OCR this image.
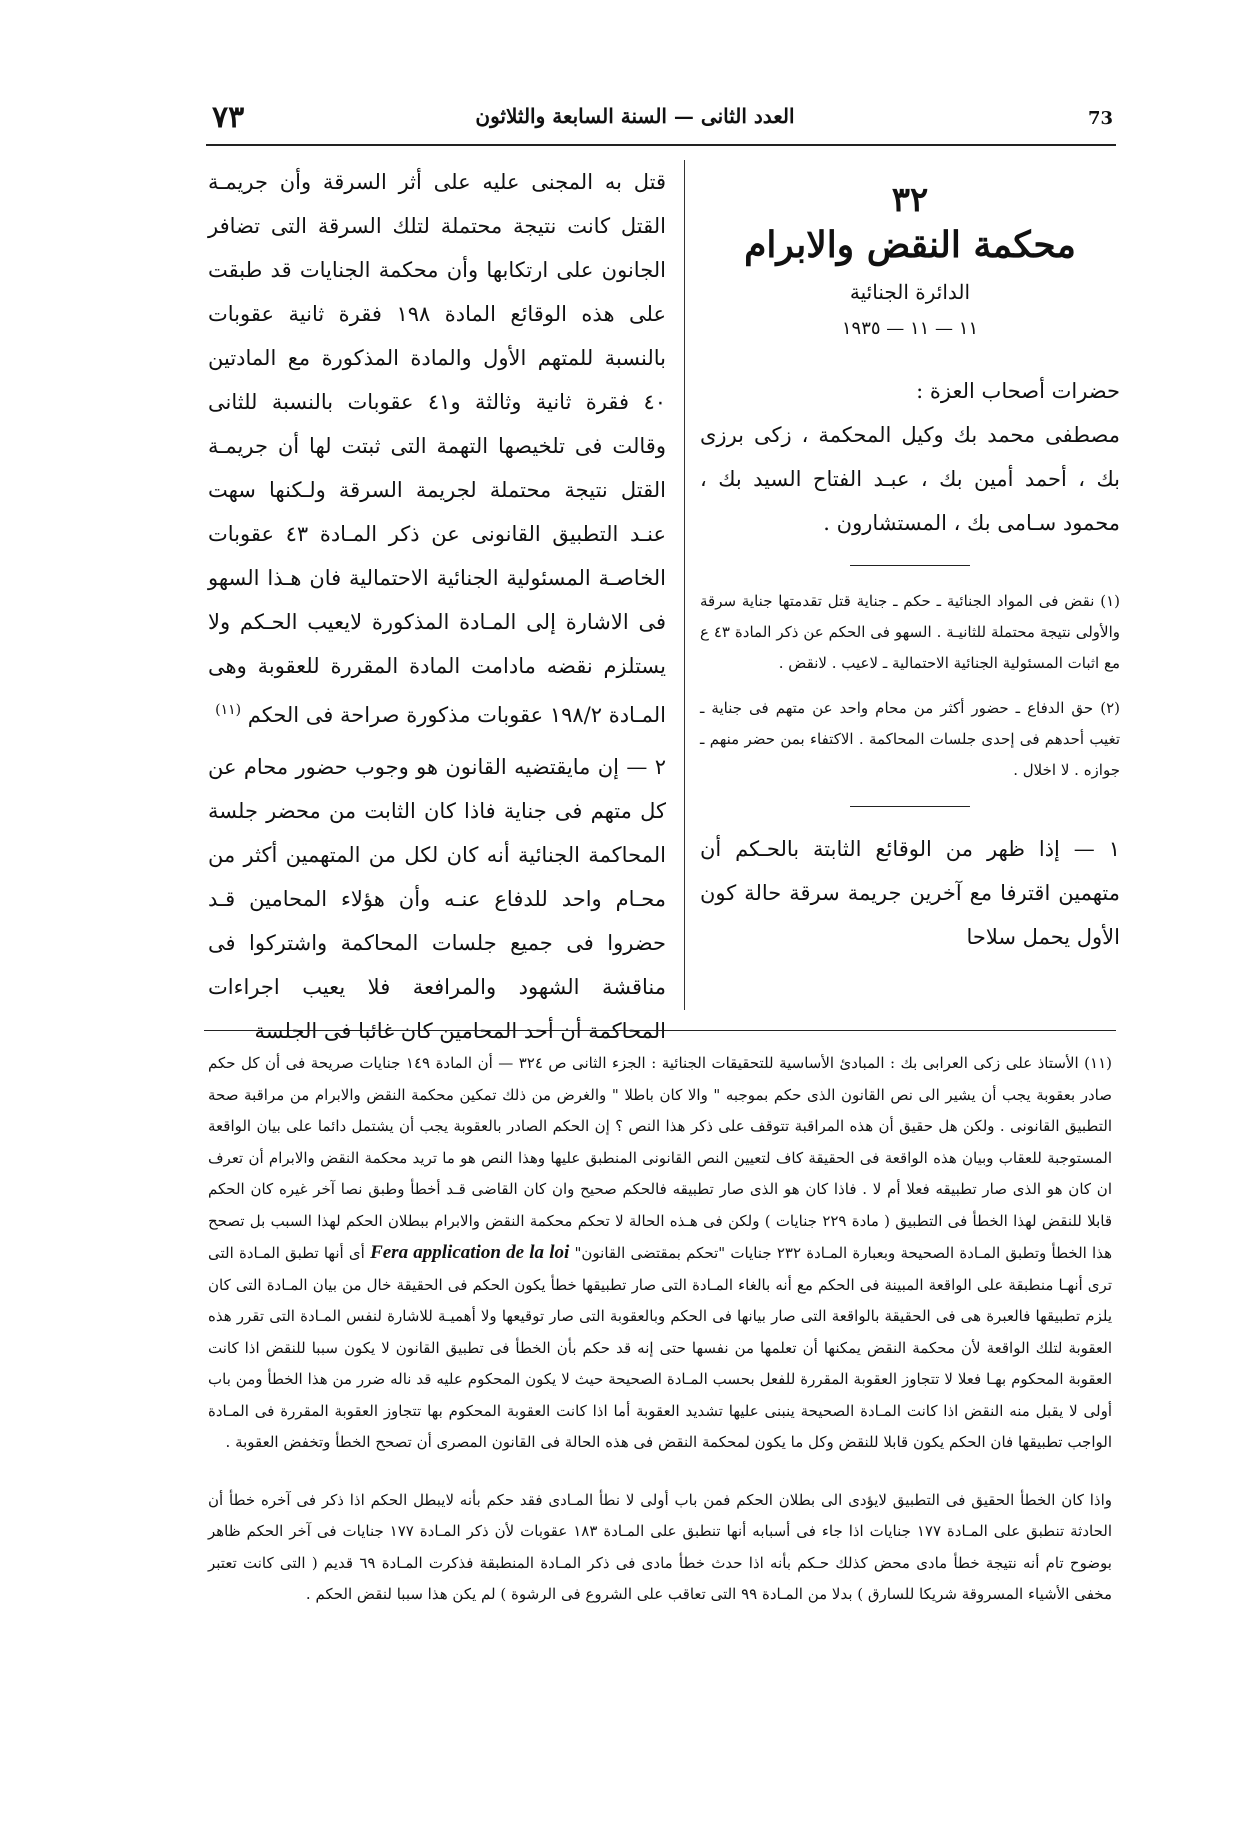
73
العدد الثانى — السنة السابعة والثلاثون
٧٣
٣٢
محكمة النقض والابرام
الدائرة الجنائية
١١ — ١١ — ١٩٣٥
حضرات أصحاب العزة :
مصطفى محمد بك وكيل المحكمة ، زكى برزى بك ، أحمد أمين بك ، عبـد الفتاح السيد بك ، محمود سـامى بك ، المستشارون .
(١) نقض فى المواد الجنائية ـ حكم ـ جناية قتل تقدمتها جناية سرقة والأولى نتيجة محتملة للثانيـة . السهو فى الحكم عن ذكر المادة ٤٣ ع مع اثبات المسئولية الجنائية الاحتمالية ـ لاعيب . لانقض .
(٢) حق الدفاع ـ حضور أكثر من محام واحد عن متهم فى جناية ـ تغيب أحدهم فى إحدى جلسات المحاكمة . الاكتفاء بمن حضر منهم ـ جوازه . لا اخلال .
١ — إذا ظهر من الوقائع الثابتة بالحـكم أن متهمين اقترفا مع آخرين جريمة سرقة حالة كون الأول يحمل سلاحا
قتل به المجنى عليه على أثر السرقة وأن جريمـة القتل كانت نتيجة محتملة لتلك السرقة التى تضافر الجانون على ارتكابها وأن محكمة الجنايات قد طبقت على هذه الوقائع المادة ١٩٨ فقرة ثانية عقوبات بالنسبة للمتهم الأول والمادة المذكورة مع المادتين ٤٠ فقرة ثانية وثالثة و٤١ عقوبات بالنسبة للثانى وقالت فى تلخيصها التهمة التى ثبتت لها أن جريمـة القتل نتيجة محتملة لجريمة السرقة ولـكنها سهت عنـد التطبيق القانونى عن ذكر المـادة ٤٣ عقوبات الخاصـة المسئولية الجنائية الاحتمالية فان هـذا السهو فى الاشارة إلى المـادة المذكورة لايعيب الحـكم ولا يستلزم نقضه مادامت المادة المقررة للعقوبة وهى المـادة ١٩٨/٢ عقوبات مذكورة صراحة فى الحكم $^{(١١)}$
٢ — إن مايقتضيه القانون هو وجوب حضور محام عن كل متهم فى جناية فاذا كان الثابت من محضر جلسة المحاكمة الجنائية أنه كان لكل من المتهمين أكثر من محـام واحد للدفاع عنـه وأن هؤلاء المحامين قـد حضروا فى جميع جلسات المحاكمة واشتركوا فى مناقشة الشهود والمرافعة فلا يعيب اجراءات المحاكمة أن أحد المحامين كان غائبا فى الجلسة

(١١) الأستاذ على زكى العرابى بك : المبادئ الأساسية للتحقيقات الجنائية : الجزء الثانى ص ٣٢٤ — أن المادة ١٤٩ جنايات صريحة فى أن كل حكم صادر بعقوبة يجب أن يشير الى نص القانون الذى حكم بموجبه " والا كان باطلا " والغرض من ذلك تمكين محكمة النقض والابرام من مراقبة صحة التطبيق القانونى . ولكن هل حقيق أن هذه المراقبة تتوقف على ذكر هذا النص ؟ إن الحكم الصادر بالعقوبة يجب أن يشتمل دائما على بيان الواقعة المستوجبة للعقاب وبيان هذه الواقعة فى الحقيقة كاف لتعيين النص القانونى المنطبق عليها وهذا النص هو ما تريد محكمة النقض والابرام أن تعرف ان كان هو الذى صار تطبيقه فعلا أم لا . فاذا كان هو الذى صار تطبيقه فالحكم صحيح وان كان القاضى قـد أخطأ وطبق نصا آخر غيره كان الحكم قابلا للنقض لهذا الخطأ فى التطبيق ( مادة ٢٢٩ جنايات ) ولكن فى هـذه الحالة لا تحكم محكمة النقض والابرام ببطلان الحكم لهذا السبب بل تصحح هذا الخطأ وتطبق المـادة الصحيحة وبعبارة المـادة ٢٣٢ جنايات "تحكم بمقتضى القانون" Fera application de la loi أى أنها تطبق المـادة التى ترى أنهـا منطبقة على الواقعة المبينة فى الحكم مع أنه بالغاء المـادة التى صار تطبيقها خطأ يكون الحكم فى الحقيقة خال من بيان المـادة التى كان يلزم تطبيقها فالعبرة هى فى الحقيقة بالواقعة التى صار بيانها فى الحكم وبالعقوبة التى صار توقيعها ولا أهميـة للاشارة لنفس المـادة التى تقرر هذه العقوبة لتلك الواقعة لأن محكمة النقض يمكنها أن تعلمها من نفسها حتى إنه قد حكم بأن الخطأ فى تطبيق القانون لا يكون سببا للنقض اذا كانت العقوبة المحكوم بهـا فعلا لا تتجاوز العقوبة المقررة للفعل بحسب المـادة الصحيحة حيث لا يكون المحكوم عليه قد ناله ضرر من هذا الخطأ ومن باب أولى لا يقبل منه النقض اذا كانت المـادة الصحيحة ينبنى عليها تشديد العقوبة أما اذا كانت العقوبة المحكوم بها تتجاوز العقوبة المقررة فى المـادة الواجب تطبيقها فان الحكم يكون قابلا للنقض وكل ما يكون لمحكمة النقض فى هذه الحالة فى القانون المصرى أن تصحح الخطأ وتخفض العقوبة .

واذا كان الخطأ الحقيق فى التطبيق لايؤدى الى بطلان الحكم فمن باب أولى لا نطأ المـادى فقد حكم بأنه لايبطل الحكم اذا ذكر فى آخره خطأ أن الحادثة تنطبق على المـادة ١٧٧ جنايات اذا جاء فى أسبابه أنها تنطبق على المـادة ١٨٣ عقوبات لأن ذكر المـادة ١٧٧ جنايات فى آخر الحكم ظاهر بوضوح تام أنه نتيجة خطأ مادى محض كذلك حـكم بأنه اذا حدث خطأ مادى فى ذكر المـادة المنطبقة فذكرت المـادة ٦٩ قديم ( التى كانت تعتبر مخفى الأشياء المسروقة شريكا للسارق ) بدلا من المـادة ٩٩ التى تعاقب على الشروع فى الرشوة ) لم يكن هذا سببا لنقض الحكم .
